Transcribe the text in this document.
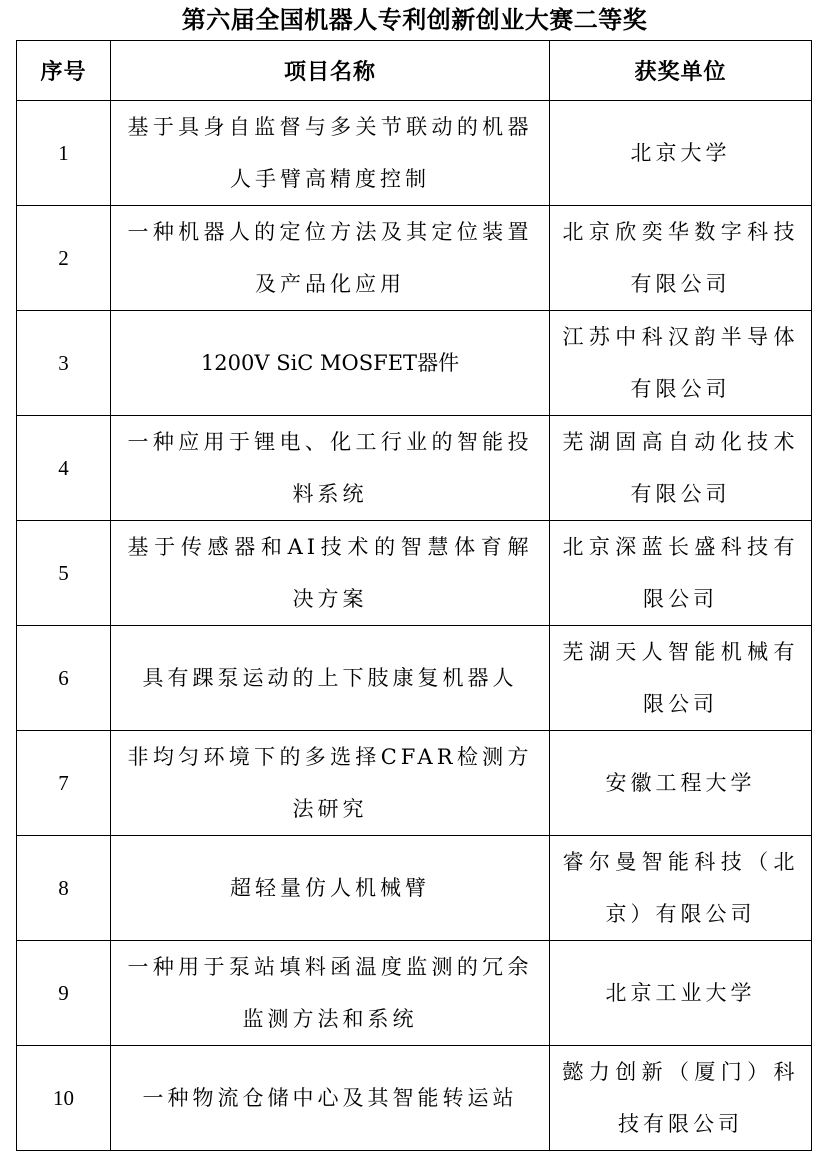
第六届全国机器人专利创新创业大赛二等奖
序号	项目名称	获奖单位
1	基于具身自监督与多关节联动的机器人手臂高精度控制	北京大学
2	一种机器人的定位方法及其定位装置及产品化应用	北京欣奕华数字科技有限公司
3	1200V SiC MOSFET器件	江苏中科汉韵半导体有限公司
4	一种应用于锂电、化工行业的智能投料系统	芜湖固高自动化技术有限公司
5	基于传感器和AI技术的智慧体育解决方案	北京深蓝长盛科技有限公司
6	具有踝泵运动的上下肢康复机器人	芜湖天人智能机械有限公司
7	非均匀环境下的多选择CFAR检测方法研究	安徽工程大学
8	超轻量仿人机械臂	睿尔曼智能科技（北京）有限公司
9	一种用于泵站填料函温度监测的冗余监测方法和系统	北京工业大学
10	一种物流仓储中心及其智能转运站	懿力创新（厦门）科技有限公司
